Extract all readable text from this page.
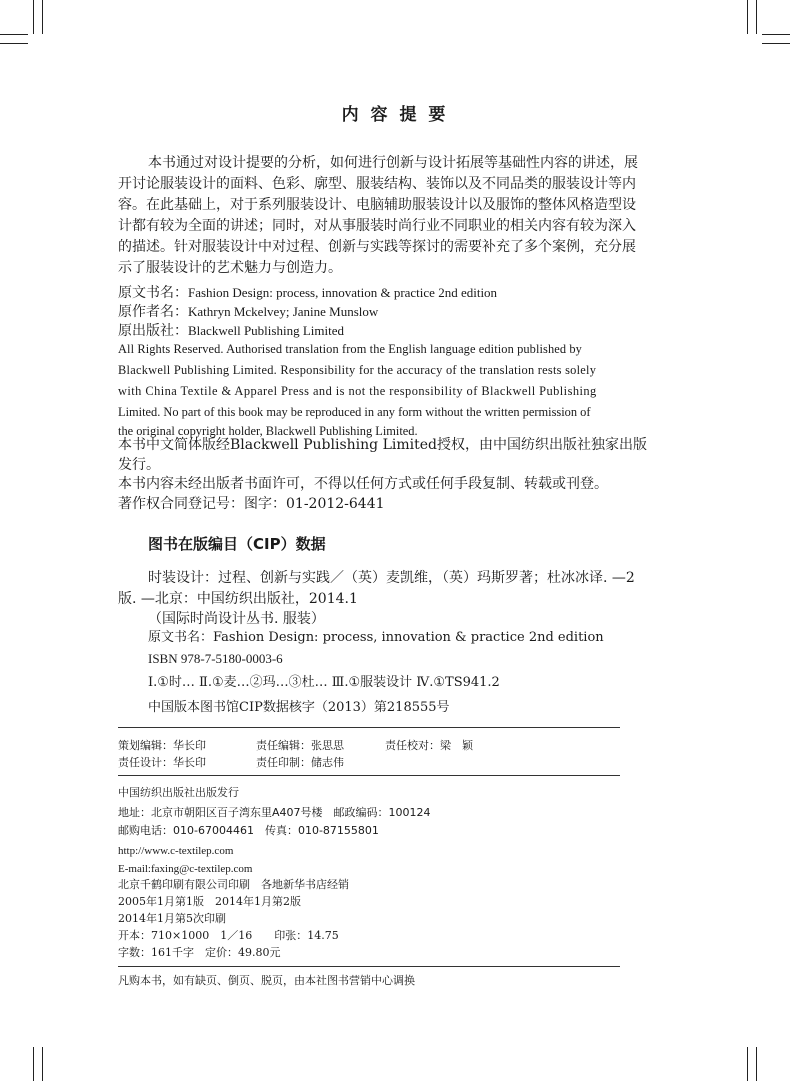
内 容 提 要
本书通过对设计提要的分析，如何进行创新与设计拓展等基础性内容的讲述，展
开讨论服装设计的面料、色彩、廓型、服装结构、装饰以及不同品类的服装设计等内
容。在此基础上，对于系列服装设计、电脑辅助服装设计以及服饰的整体风格造型设
计都有较为全面的讲述；同时，对从事服装时尚行业不同职业的相关内容有较为深入
的描述。针对服装设计中对过程、创新与实践等探讨的需要补充了多个案例，充分展
示了服装设计的艺术魅力与创造力。
原文书名：Fashion Design: process, innovation & practice 2nd edition
原作者名：Kathryn Mckelvey; Janine Munslow
原出版社：Blackwell Publishing Limited
All Rights Reserved. Authorised translation from the English language edition published by
Blackwell Publishing Limited. Responsibility for the accuracy of the translation rests solely
with China Textile & Apparel Press and is not the responsibility of Blackwell Publishing
Limited. No part of this book may be reproduced in any form without the written permission of
the original copyright holder, Blackwell Publishing Limited.
本书中文简体版经Blackwell Publishing Limited授权，由中国纺织出版社独家出版
发行。
本书内容未经出版者书面许可，不得以任何方式或任何手段复制、转载或刊登。
著作权合同登记号：图字：01-2012-6441
图书在版编目（CIP）数据
时装设计：过程、创新与实践／（英）麦凯维，（英）玛斯罗著；杜冰冰译. —2
版. —北京：中国纺织出版社，2014.1
（国际时尚设计丛书. 服装）
原文书名：Fashion Design: process, innovation & practice 2nd edition
ISBN 978-7-5180-0003-6
Ⅰ.①时… Ⅱ.①麦…②玛…③杜… Ⅲ.①服装设计 Ⅳ.①TS941.2
中国版本图书馆CIP数据核字（2013）第218555号
策划编辑：华长印	责任编辑：张思思	责任校对：梁　颖
责任设计：华长印	责任印制：储志伟
中国纺织出版社出版发行
地址：北京市朝阳区百子湾东里A407号楼　邮政编码：100124
邮购电话：010-67004461　传真：010-87155801
http://www.c-textilep.com
E-mail:faxing@c-textilep.com
北京千鹤印刷有限公司印刷　各地新华书店经销
2005年1月第1版　2014年1月第2版
2014年1月第5次印刷
开本：710×1000　1／16　　印张：14.75
字数：161千字　定价：49.80元
凡购本书，如有缺页、倒页、脱页，由本社图书营销中心调换
